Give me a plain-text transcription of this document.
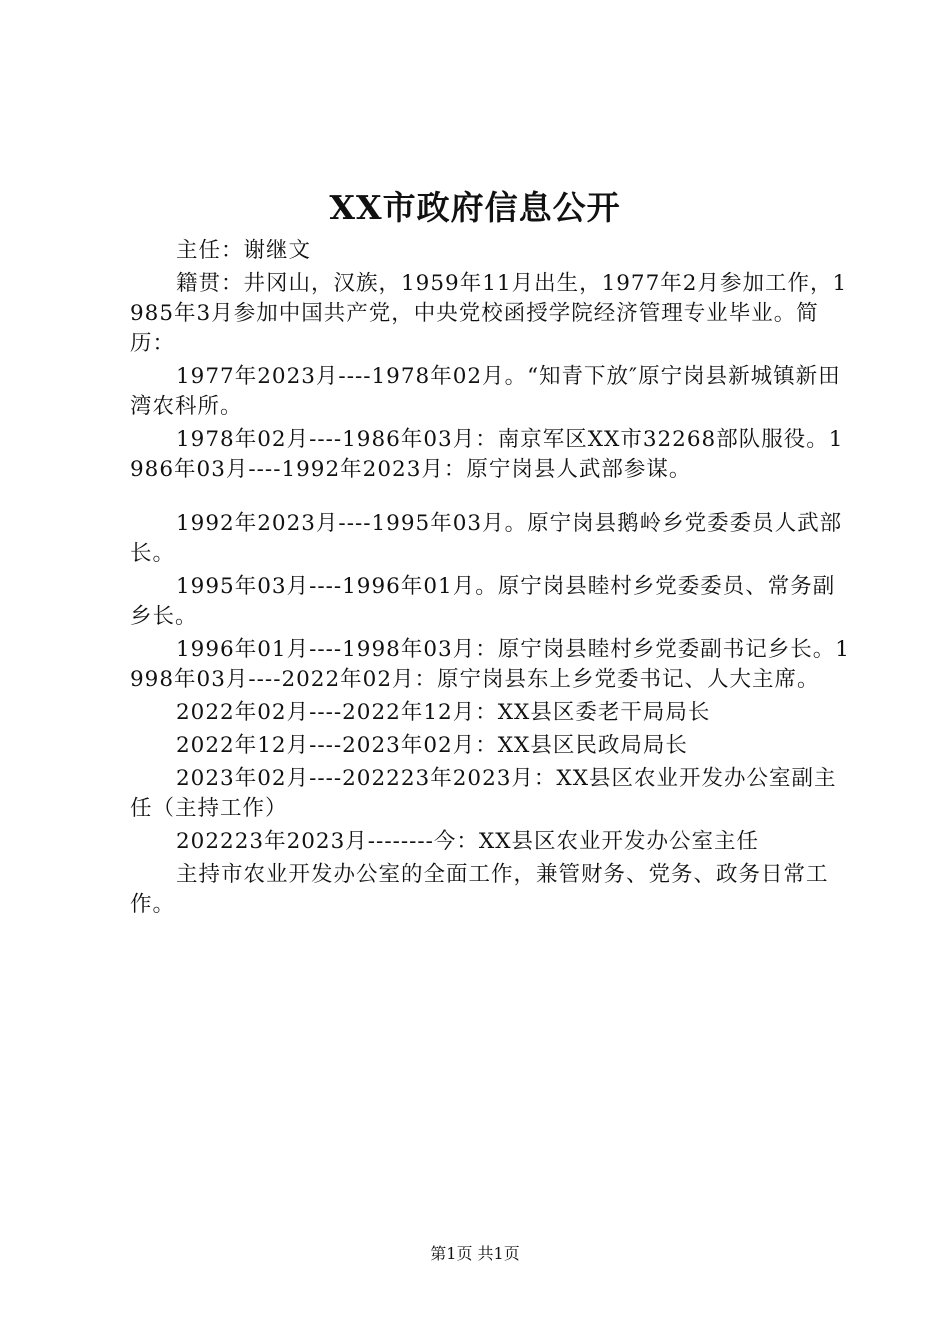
XX市政府信息公开

主任：谢继文

籍贯：井冈山，汉族，1959年11月出生，1977年2月参加工作，1985年3月参加中国共产党，中央党校函授学院经济管理专业毕业。简历：

1977年2023月----1978年02月。“知青下放″原宁岗县新城镇新田湾农科所。

1978年02月----1986年03月：南京军区XX市32268部队服役。1986年03月----1992年2023月：原宁岗县人武部参谋。

1992年2023月----1995年03月。原宁岗县鹅岭乡党委委员人武部长。

1995年03月----1996年01月。原宁岗县睦村乡党委委员、常务副乡长。

1996年01月----1998年03月：原宁岗县睦村乡党委副书记乡长。1998年03月----2022年02月：原宁岗县东上乡党委书记、人大主席。

2022年02月----2022年12月：XX县区委老干局局长

2022年12月----2023年02月：XX县区民政局局长

2023年02月----202223年2023月：XX县区农业开发办公室副主任（主持工作）

202223年2023月--------今：XX县区农业开发办公室主任

主持市农业开发办公室的全面工作，兼管财务、党务、政务日常工作。

第1页 共1页
